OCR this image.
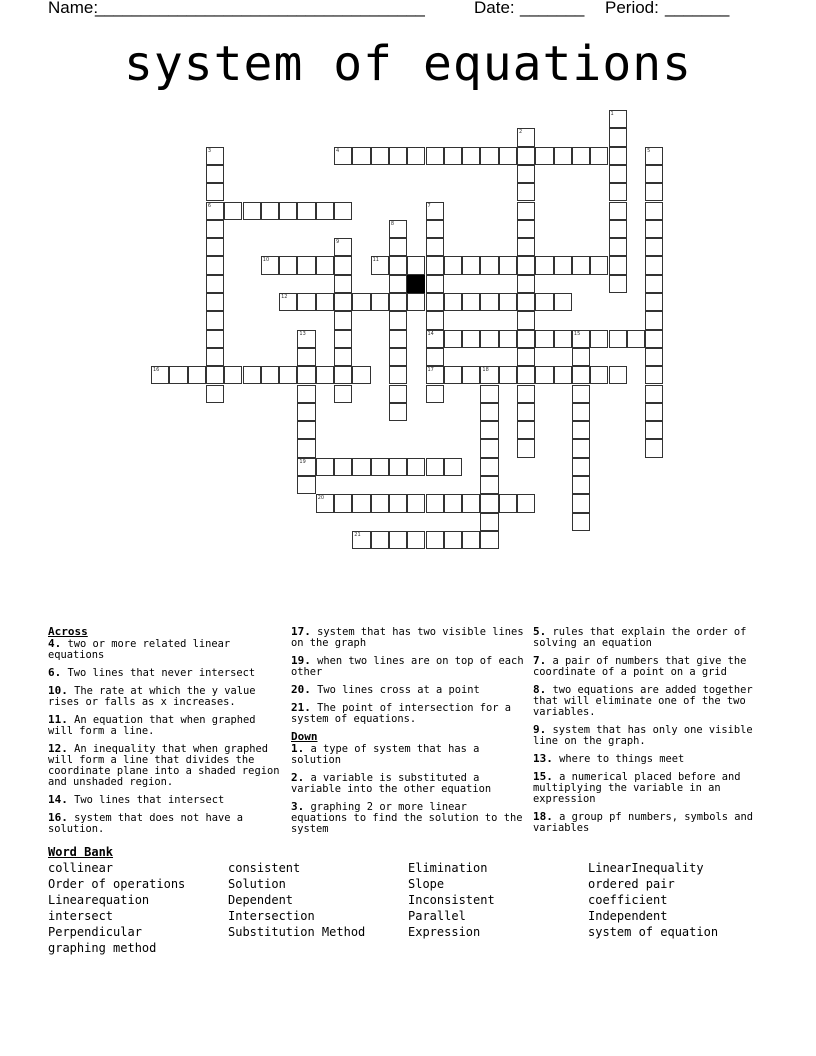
Name:
____________________________________	Date: _______ Period: _______
system of equations
1
2
3
6
4	5
7
14
17
8
9
10	11
12
13
19
15
16	18
20
21
Across
4. two or more related linear equations
6. Two lines that never intersect
10. The rate at which the y value rises or falls as x increases.
11. An equation that when graphed will form a line.
12. An inequality that when graphed will form a line that divides the coordinate plane into a shaded region and unshaded region.
14. Two lines that intersect
16. system that does not have a solution.
17. system that has two visible lines on the graph
19. when two lines are on top of each other
20. Two lines cross at a point
21. The point of intersection for a system of equations.
Down
1. a type of system that has a solution
2. a variable is substituted a variable into the other equation
3. graphing 2 or more linear equations to find the solution to the system
5. rules that explain the order of solving an equation
7. a pair of numbers that give the coordinate of a point on a grid
8. two equations are added together that will eliminate one of the two variables.
9. system that has only one visible line on the graph.
13. where to things meet
15. a numerical placed before and multiplying the variable in an expression
18. a group pf numbers, symbols and variables
Word Bank
collinear	consistent	Elimination	LinearInequality
Order of operations	Solution	Slope	ordered pair
Linearequation	Dependent	Inconsistent	coefficient
intersect	Intersection	Parallel	Independent
Perpendicular	Substitution Method	Expression	system of equation
graphing method
